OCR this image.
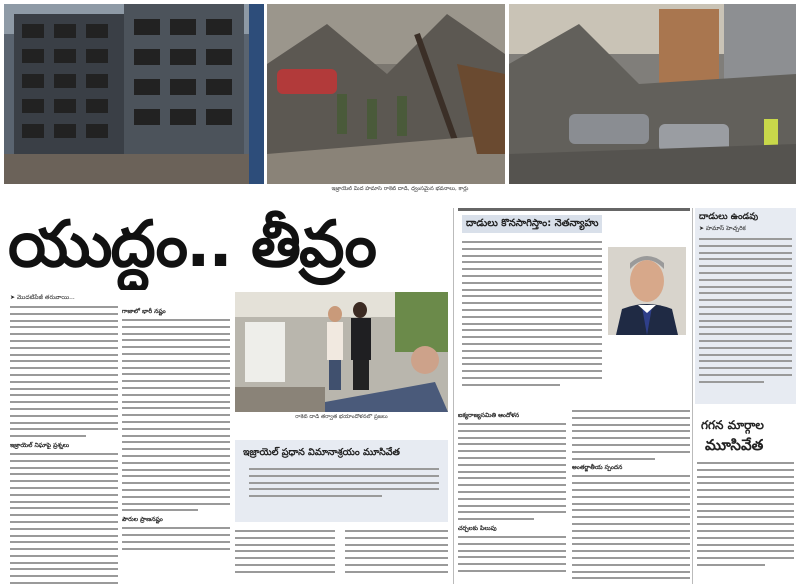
ఇజ్రాయెల్ మీద హమాస్ రాకెట్ దాడి, ధ్వంసమైన భవనాలు, కార్లు
యుద్ధం.. తీవ్రం	దాడులు కొనసాగిస్తాం: నెతన్యాహు
దాడులు ఉండవు
➤ హమాస్ హెచ్చరిక
➤ మొదటిపేజీ తరువాయి...
ఇజ్రాయెల్ నిఘాపై ప్రశ్నలు
గాజాలో భారీ నష్టం
పౌరుల ప్రాణనష్టం
రాకెట్ దాడి తర్వాత భయాందోళనలో ప్రజలు
ఇజ్రాయెల్ ప్రధాన విమానాశ్రయం మూసివేత
ఐక్యరాజ్యసమితి ఆందోళన
చర్చలకు పిలుపు
అంతర్జాతీయ స్పందన
గగన మార్గాల
మూసివేత
